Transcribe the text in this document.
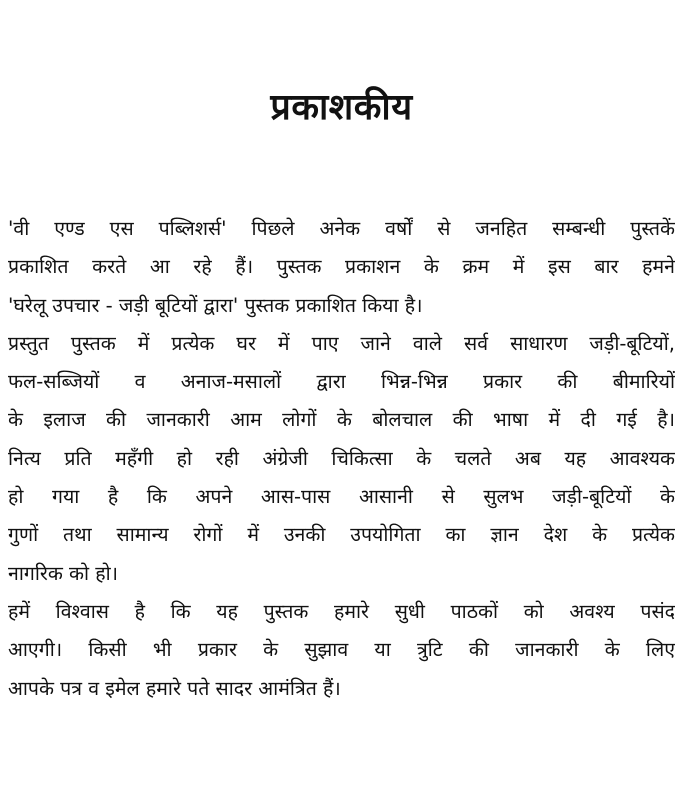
प्रकाशकीय
'वी एण्ड एस पब्लिशर्स' पिछले अनेक वर्षों से जनहित सम्बन्धी पुस्तकें
प्रकाशित करते आ रहे हैं। पुस्तक प्रकाशन के क्रम में इस बार हमने
'घरेलू उपचार - जड़ी बूटियों द्वारा' पुस्तक प्रकाशित किया है।
प्रस्तुत पुस्तक में प्रत्येक घर में पाए जाने वाले सर्व साधारण जड़ी-बूटियों,
फल-सब्जियों व अनाज-मसालों द्वारा भिन्न-भिन्न प्रकार की बीमारियों
के इलाज की जानकारी आम लोगों के बोलचाल की भाषा में दी गई है।
नित्य प्रति महँगी हो रही अंग्रेजी चिकित्सा के चलते अब यह आवश्यक
हो गया है कि अपने आस-पास आसानी से सुलभ जड़ी-बूटियों के
गुणों तथा सामान्य रोगों में उनकी उपयोगिता का ज्ञान देश के प्रत्येक
नागरिक को हो।
हमें विश्वास है कि यह पुस्तक हमारे सुधी पाठकों को अवश्य पसंद
आएगी। किसी भी प्रकार के सुझाव या त्रुटि की जानकारी के लिए
आपके पत्र व इमेल हमारे पते सादर आमंत्रित हैं।
